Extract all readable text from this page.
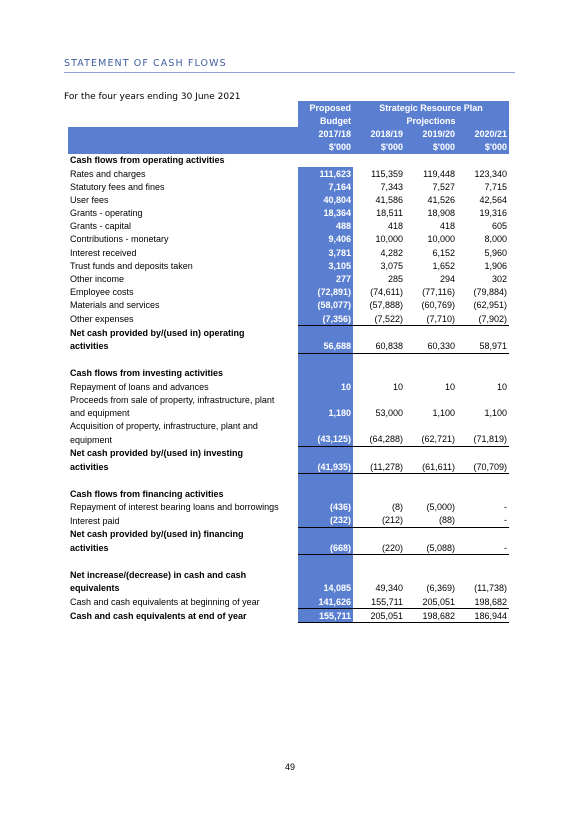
STATEMENT OF CASH FLOWS
For the four years ending 30 June 2021
	Proposed	Strategic Resource Plan		
	Budget	Projections		
	2017/18	2018/19	2019/20	2020/21
	$'000	$'000	$'000	$'000
Cash flows from operating activities				
Rates and charges	111,623	115,359	119,448	123,340
Statutory fees and fines	7,164	7,343	7,527	7,715
User fees	40,804	41,586	41,526	42,564
Grants - operating	18,364	18,511	18,908	19,316
Grants - capital	488	418	418	605
Contributions - monetary	9,406	10,000	10,000	8,000
Interest received	3,781	4,282	6,152	5,960
Trust funds and deposits taken	3,105	3,075	1,652	1,906
Other income	277	285	294	302
Employee costs	(72,891)	(74,611)	(77,116)	(79,884)
Materials and services	(58,077)	(57,888)	(60,769)	(62,951)
Other expenses	(7,356)	(7,522)	(7,710)	(7,902)
Net cash provided by/(used in) operating				
activities	56,688	60,838	60,330	58,971

Cash flows from investing activities				
Repayment of loans and advances	10	10	10	10
Proceeds from sale of property, infrastructure, plant				
and equipment	1,180	53,000	1,100	1,100
Acquisition of property, infrastructure, plant and				
equipment	(43,125)	(64,288)	(62,721)	(71,819)
Net cash provided by/(used in) investing				
activities	(41,935)	(11,278)	(61,611)	(70,709)

Cash flows from financing activities				
Repayment of interest bearing loans and borrowings	(436)	(8)	(5,000)	-
Interest paid	(232)	(212)	(88)	-
Net cash provided by/(used in) financing				
activities	(668)	(220)	(5,088)	-

Net increase/(decrease) in cash and cash				
equivalents	14,085	49,340	(6,369)	(11,738)
Cash and cash equivalents at beginning of year	141,626	155,711	205,051	198,682
Cash and cash equivalents at end of year	155,711	205,051	198,682	186,944
49
